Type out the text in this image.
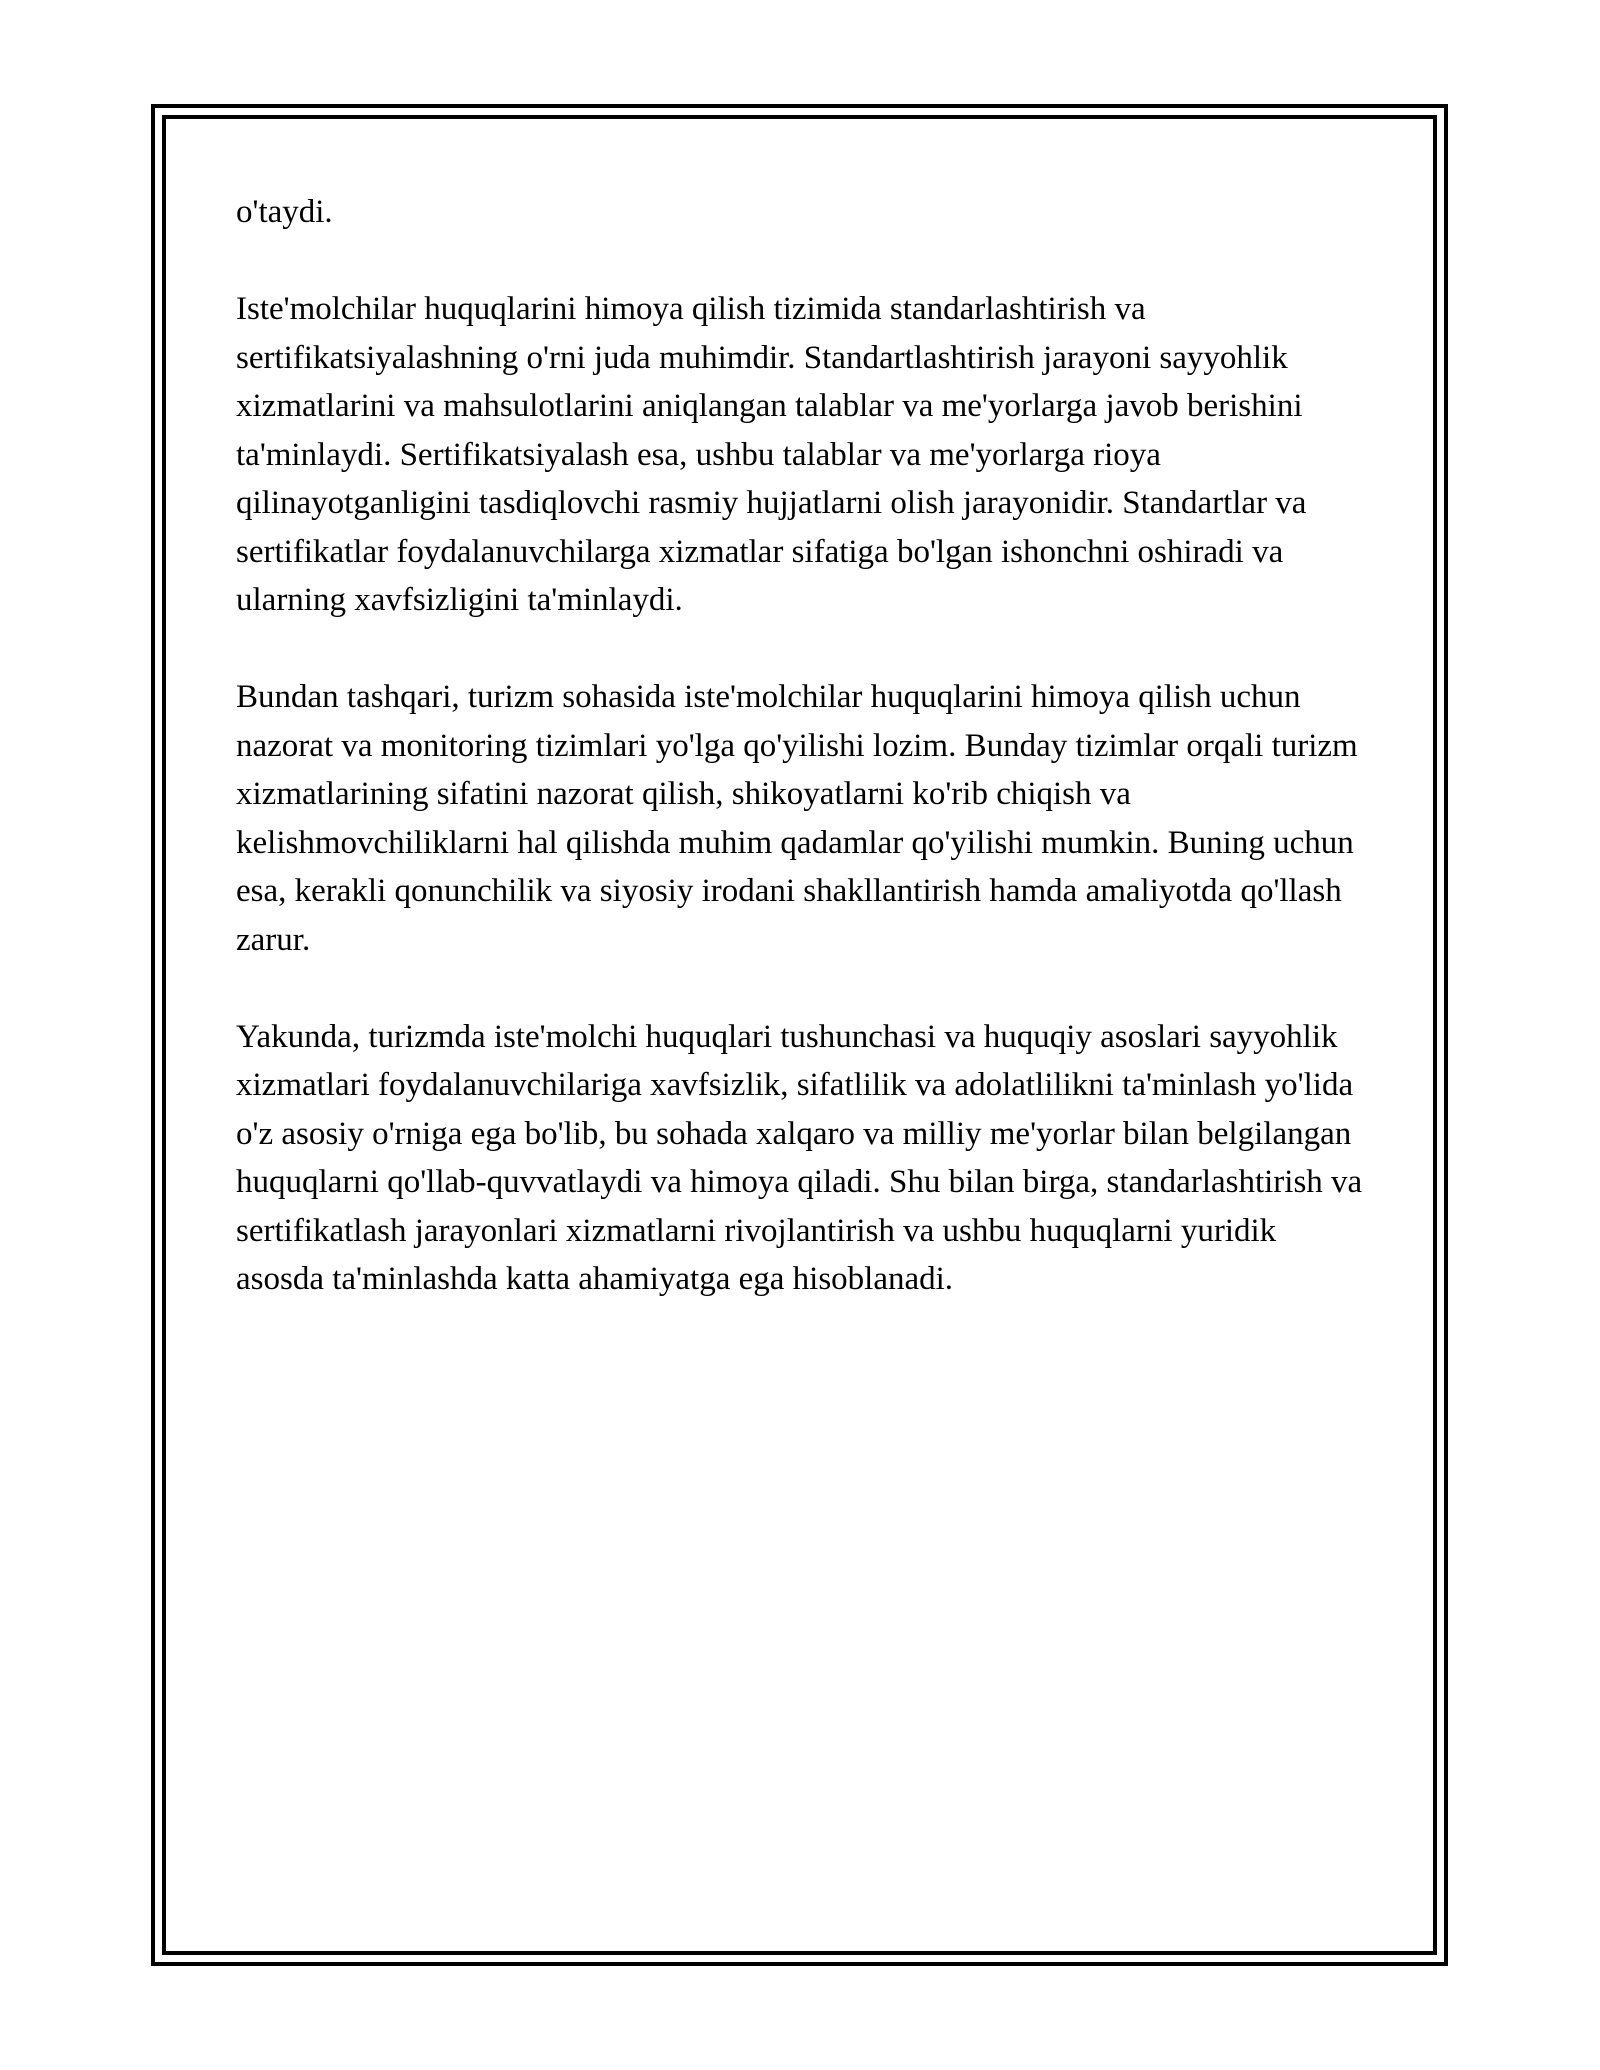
o'taydi.

Iste'molchilar huquqlarini himoya qilish tizimida standarlashtirish va sertifikatsiyalashning o'rni juda muhimdir. Standartlashtirish jarayoni sayyohlik xizmatlarini va mahsulotlarini aniqlangan talablar va me'yorlarga javob berishini ta'minlaydi. Sertifikatsiyalash esa, ushbu talablar va me'yorlarga rioya qilinayotganligini tasdiqlovchi rasmiy hujjatlarni olish jarayonidir. Standartlar va sertifikatlar foydalanuvchilarga xizmatlar sifatiga bo'lgan ishonchni oshiradi va ularning xavfsizligini ta'minlaydi.

Bundan tashqari, turizm sohasida iste'molchilar huquqlarini himoya qilish uchun nazorat va monitoring tizimlari yo'lga qo'yilishi lozim. Bunday tizimlar orqali turizm xizmatlarining sifatini nazorat qilish, shikoyatlarni ko'rib chiqish va kelishmovchiliklarni hal qilishda muhim qadamlar qo'yilishi mumkin. Buning uchun esa, kerakli qonunchilik va siyosiy irodani shakllantirish hamda amaliyotda qo'llash zarur.

Yakunda, turizmda iste'molchi huquqlari tushunchasi va huquqiy asoslari sayyohlik xizmatlari foydalanuvchilariga xavfsizlik, sifatlilik va adolatlilikni ta'minlash yo'lida o'z asosiy o'rniga ega bo'lib, bu sohada xalqaro va milliy me'yorlar bilan belgilangan huquqlarni qo'llab-quvvatlaydi va himoya qiladi. Shu bilan birga, standarlashtirish va sertifikatlash jarayonlari xizmatlarni rivojlantirish va ushbu huquqlarni yuridik asosda ta'minlashda katta ahamiyatga ega hisoblanadi.
